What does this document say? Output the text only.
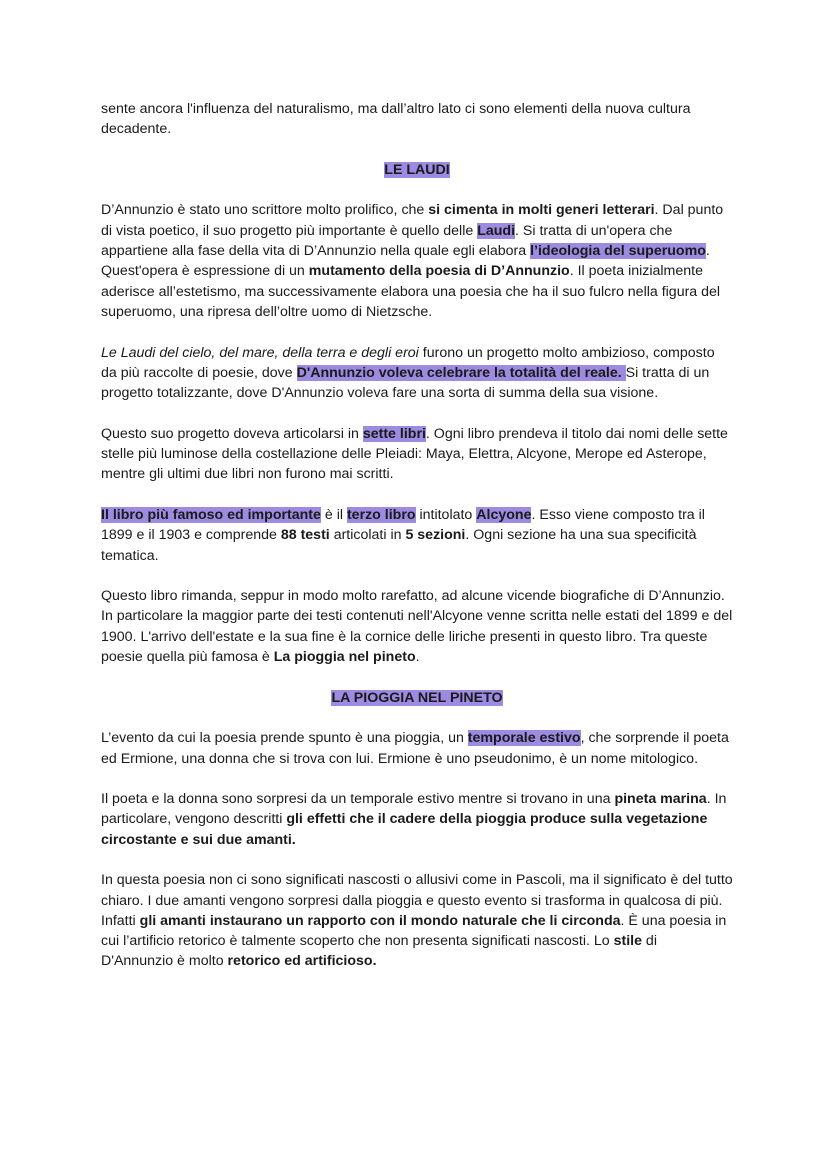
sente ancora l'influenza del naturalismo, ma dall’altro lato ci sono elementi della nuova cultura decadente.

LE LAUDI

D’Annunzio è stato uno scrittore molto prolifico, che si cimenta in molti generi letterari. Dal punto di vista poetico, il suo progetto più importante è quello delle Laudi. Si tratta di un'opera che appartiene alla fase della vita di D’Annunzio nella quale egli elabora l’ideologia del superuomo. Quest'opera è espressione di un mutamento della poesia di D’Annunzio. Il poeta inizialmente aderisce all’estetismo, ma successivamente elabora una poesia che ha il suo fulcro nella figura del superuomo, una ripresa dell’oltre uomo di Nietzsche.

Le Laudi del cielo, del mare, della terra e degli eroi furono un progetto molto ambizioso, composto da più raccolte di poesie, dove D'Annunzio voleva celebrare la totalità del reale. Si tratta di un progetto totalizzante, dove D'Annunzio voleva fare una sorta di summa della sua visione.

Questo suo progetto doveva articolarsi in sette libri. Ogni libro prendeva il titolo dai nomi delle sette stelle più luminose della costellazione delle Pleiadi: Maya, Elettra, Alcyone, Merope ed Asterope, mentre gli ultimi due libri non furono mai scritti.

Il libro più famoso ed importante è il terzo libro intitolato Alcyone. Esso viene composto tra il 1899 e il 1903 e comprende 88 testi articolati in 5 sezioni. Ogni sezione ha una sua specificità tematica.

Questo libro rimanda, seppur in modo molto rarefatto, ad alcune vicende biografiche di D’Annunzio. In particolare la maggior parte dei testi contenuti nell'Alcyone venne scritta nelle estati del 1899 e del 1900. L'arrivo dell'estate e la sua fine è la cornice delle liriche presenti in questo libro. Tra queste poesie quella più famosa è La pioggia nel pineto.

LA PIOGGIA NEL PINETO

L’evento da cui la poesia prende spunto è una pioggia, un temporale estivo, che sorprende il poeta ed Ermione, una donna che si trova con lui. Ermione è uno pseudonimo, è un nome mitologico.

Il poeta e la donna sono sorpresi da un temporale estivo mentre si trovano in una pineta marina. In particolare, vengono descritti gli effetti che il cadere della pioggia produce sulla vegetazione circostante e sui due amanti.

In questa poesia non ci sono significati nascosti o allusivi come in Pascoli, ma il significato è del tutto chiaro. I due amanti vengono sorpresi dalla pioggia e questo evento si trasforma in qualcosa di più. Infatti gli amanti instaurano un rapporto con il mondo naturale che li circonda. È una poesia in cui l’artificio retorico è talmente scoperto che non presenta significati nascosti. Lo stile di D'Annunzio è molto retorico ed artificioso.
